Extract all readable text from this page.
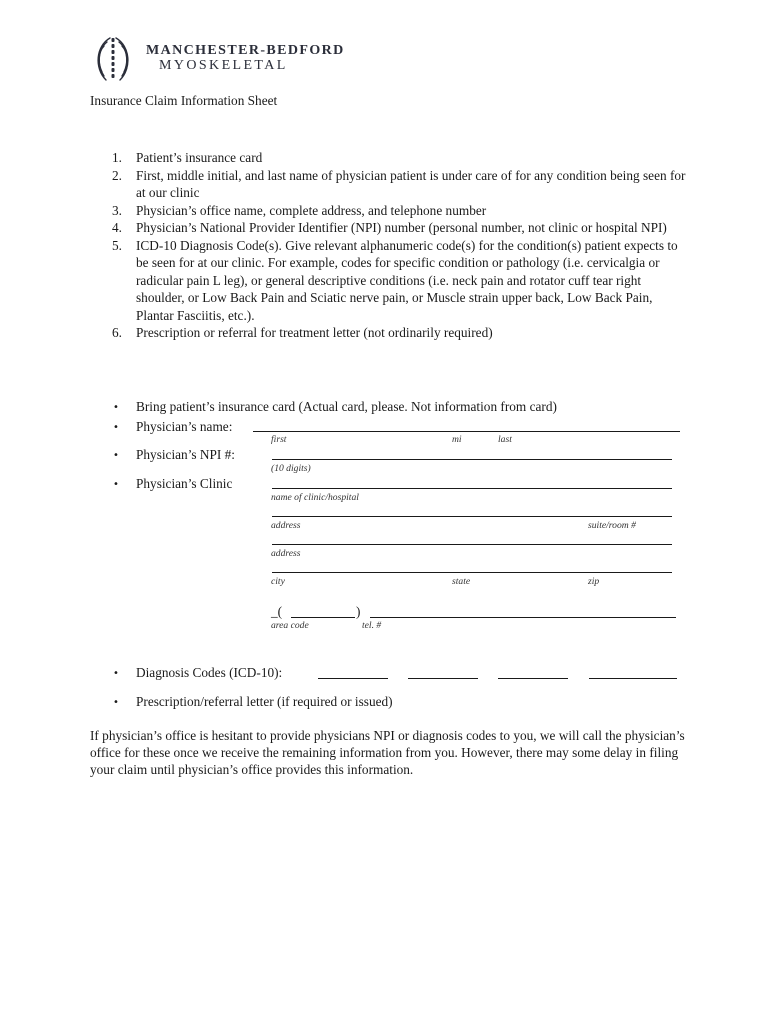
MANCHESTER-BEDFORD
MYOSKELETAL
Insurance Claim Information Sheet
1. Patient’s insurance card
2. First, middle initial, and last name of physician patient is under care of for any condition being seen for at our clinic
3. Physician’s office name, complete address, and telephone number
4. Physician’s National Provider Identifier (NPI) number (personal number, not clinic or hospital NPI)
5. ICD-10 Diagnosis Code(s). Give relevant alphanumeric code(s) for the condition(s) patient expects to be seen for at our clinic. For example, codes for specific condition or pathology (i.e. cervicalgia or radicular pain L leg), or general descriptive conditions (i.e. neck pain and rotator cuff tear right shoulder, or Low Back Pain and Sciatic nerve pain, or Muscle strain upper back, Low Back Pain, Plantar Fasciitis, etc.).
6. Prescription or referral for treatment letter (not ordinarily required)
• Bring patient’s insurance card (Actual card, please. Not information from card)
• Physician’s name:
first	mi	last
• Physician’s NPI #:
(10 digits)
• Physician’s Clinic
name of clinic/hospital
address	suite/room #
address
city	state	zip
_(	)
area code	tel. #
• Diagnosis Codes (ICD-10):
• Prescription/referral letter (if required or issued)
If physician’s office is hesitant to provide physicians NPI or diagnosis codes to you, we will call the physician’s office for these once we receive the remaining information from you. However, there may some delay in filing your claim until physician’s office provides this information.
